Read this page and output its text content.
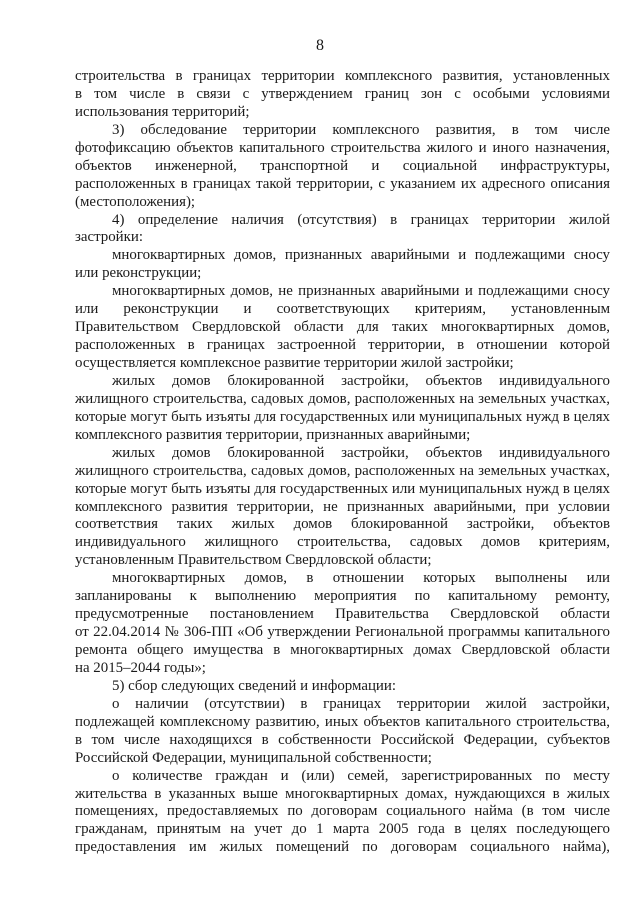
8
строительства в границах территории комплексного развития, установленных
в том числе в связи с утверждением границ зон с особыми условиями
использования территорий;
3) обследование территории комплексного развития, в том числе
фотофиксацию объектов капитального строительства жилого и иного назначения,
объектов инженерной, транспортной и социальной инфраструктуры,
расположенных в границах такой территории, с указанием их адресного описания
(местоположения);
4) определение наличия (отсутствия) в границах территории жилой
застройки:
многоквартирных домов, признанных аварийными и подлежащими сносу
или реконструкции;
многоквартирных домов, не признанных аварийными и подлежащими сносу
или реконструкции и соответствующих критериям, установленным
Правительством Свердловской области для таких многоквартирных домов,
расположенных в границах застроенной территории, в отношении которой
осуществляется комплексное развитие территории жилой застройки;
жилых домов блокированной застройки, объектов индивидуального
жилищного строительства, садовых домов, расположенных на земельных участках,
которые могут быть изъяты для государственных или муниципальных нужд в целях
комплексного развития территории, признанных аварийными;
жилых домов блокированной застройки, объектов индивидуального
жилищного строительства, садовых домов, расположенных на земельных участках,
которые могут быть изъяты для государственных или муниципальных нужд в целях
комплексного развития территории, не признанных аварийными, при условии
соответствия таких жилых домов блокированной застройки, объектов
индивидуального жилищного строительства, садовых домов критериям,
установленным Правительством Свердловской области;
многоквартирных домов, в отношении которых выполнены или
запланированы к выполнению мероприятия по капитальному ремонту,
предусмотренные постановлением Правительства Свердловской области
от 22.04.2014 № 306-ПП «Об утверждении Региональной программы капитального
ремонта общего имущества в многоквартирных домах Свердловской области
на 2015–2044 годы»;
5) сбор следующих сведений и информации:
о наличии (отсутствии) в границах территории жилой застройки,
подлежащей комплексному развитию, иных объектов капитального строительства,
в том числе находящихся в собственности Российской Федерации, субъектов
Российской Федерации, муниципальной собственности;
о количестве граждан и (или) семей, зарегистрированных по месту
жительства в указанных выше многоквартирных домах, нуждающихся в жилых
помещениях, предоставляемых по договорам социального найма (в том числе
гражданам, принятым на учет до 1 марта 2005 года в целях последующего
предоставления им жилых помещений по договорам социального найма),
